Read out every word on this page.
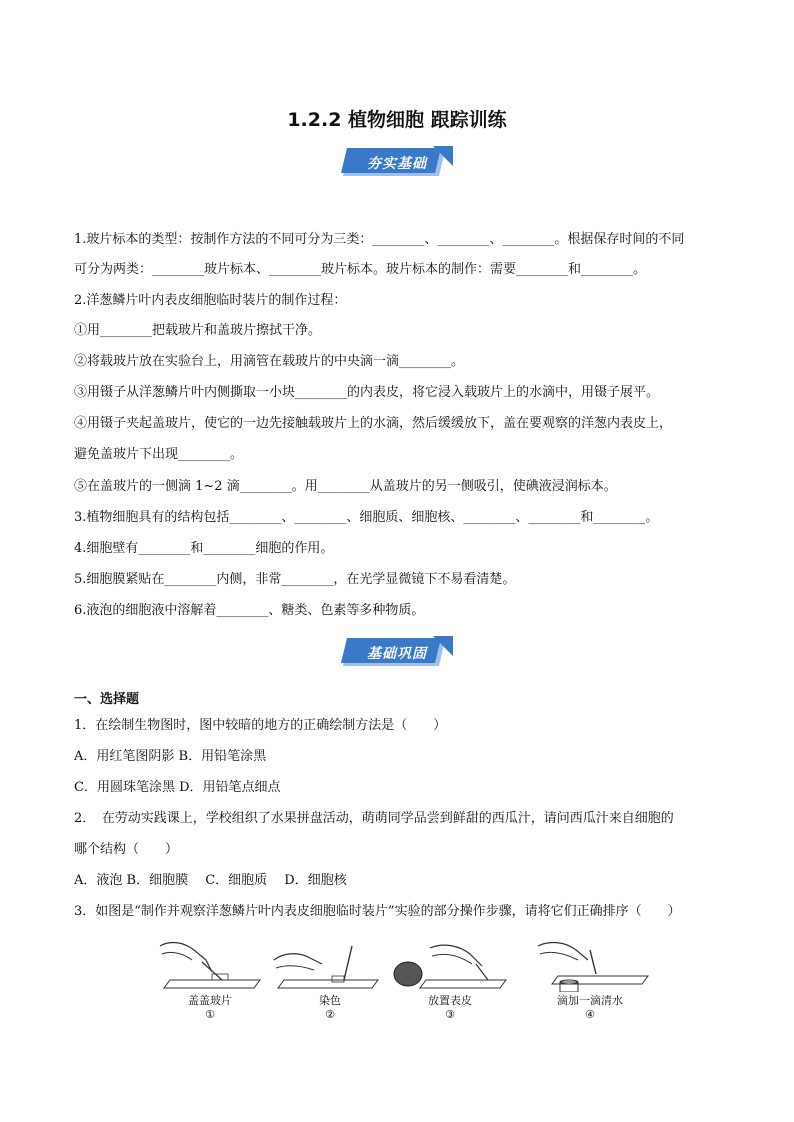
1.2.2 植物细胞 跟踪训练
夯实基础
1.玻片标本的类型：按制作方法的不同可分为三类：________、________、________。根据保存时间的不同
可分为两类：________玻片标本、________玻片标本。玻片标本的制作：需要________和________。
2.洋葱鳞片叶内表皮细胞临时装片的制作过程：
①用________把载玻片和盖玻片擦拭干净。
②将载玻片放在实验台上，用滴管在载玻片的中央滴一滴________。
③用镊子从洋葱鳞片叶内侧撕取一小块________的内表皮，将它浸入载玻片上的水滴中，用镊子展平。
④用镊子夹起盖玻片，使它的一边先接触载玻片上的水滴，然后缓缓放下，盖在要观察的洋葱内表皮上，
避免盖玻片下出现________。
⑤在盖玻片的一侧滴 1~2 滴________。用________从盖玻片的另一侧吸引，使碘液浸润标本。
3.植物细胞具有的结构包括________、________、细胞质、细胞核、________、________和________。
4.细胞壁有________和________细胞的作用。
5.细胞膜紧贴在________内侧，非常________，在光学显微镜下不易看清楚。
6.液泡的细胞液中溶解着________、糖类、色素等多种物质。
基础巩固
一、选择题
1．在绘制生物图时，图中较暗的地方的正确绘制方法是（　　）
A．用红笔图阴影 B．用铅笔涂黑
C．用圆珠笔涂黑 D．用铅笔点细点
2．　在劳动实践课上，学校组织了水果拼盘活动，萌萌同学品尝到鲜甜的西瓜汁，请问西瓜汁来自细胞的
哪个结构（　　）
A．液泡 B．细胞膜　 C．细胞质　 D．细胞核
3．如图是“制作并观察洋葱鳞片叶内表皮细胞临时装片”实验的部分操作步骤，请将它们正确排序（　　）
盖盖玻片
①
染色
②
放置表皮
③
滴加一滴清水
④
